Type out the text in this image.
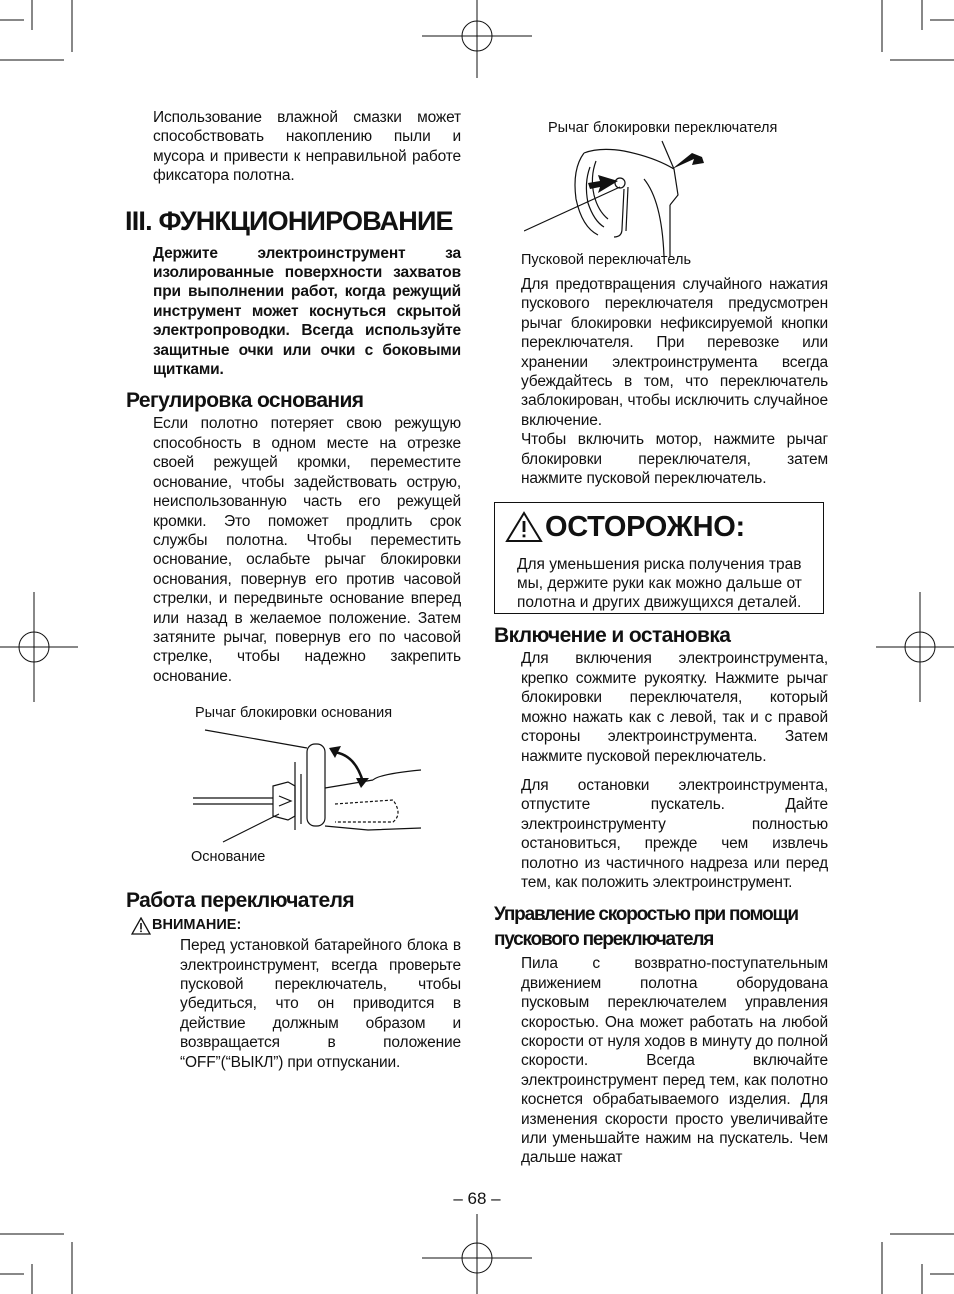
Использование влажной смазки может способствовать накоплению пыли и мусора и привести к неправильной работе фиксатора полотна.

III. ФУНКЦИОНИРОВАНИЕ

Держите электроинструмент за изолированные поверхности захватов при выполнении работ, когда режущий инструмент может коснуться скрытой электропроводки. Всегда используйте защитные очки или очки с боковыми щитками.

Регулировка основания

Если полотно потеряет свою режущую способность в одном месте на отрезке своей режущей кромки, переместите основание, чтобы задействовать острую, неиспользованную часть его режущей кромки. Это поможет продлить срок службы полотна. Чтобы переместить основание, ослабьте рычаг блокировки основания, повернув его против часовой стрелки, и передвиньте основание вперед или назад в желаемое положение. Затем затяните рычаг, повернув его по часовой стрелке, чтобы надежно закрепить основание.

Рычаг блокировки основания
Основание
Работа переключателя
ВНИМАНИЕ:

Перед установкой батарейного блока в электроинструмент, всегда проверьте пусковой переключатель, чтобы убедиться, что он приводится в действие должным образом и возвращается в положение “OFF”(“ВЫКЛ”) при отпускании.

Рычаг блокировки переключателя
Пусковой переключатель

Для предотвращения случайного нажатия пускового переключателя предусмотрен рычаг блокировки нефиксируемой кнопки переключателя. При перевозке или хранении электроинструмента всегда убеждайтесь в том, что переключатель заблокирован, чтобы исключить случайное включение.

Чтобы включить мотор, нажмите рычаг блокировки переключателя, затем нажмите пусковой переключатель.

ОСТОРОЖНО:
Для уменьшения риска получения трав мы, держите руки как можно дальше от полотна и других движущихся деталей.
Включение и остановка

Для включения электроинструмента, крепко сожмите рукоятку. Нажмите рычаг блокировки переключателя, который можно нажать как с левой, так и с правой стороны электроинструмента. Затем нажмите пусковой переключатель.

Для остановки электроинструмента, отпустите пускатель. Дайте электроинструменту полностью остановиться, прежде чем извлечь полотно из частичного надреза или перед тем, как положить электроинструмент.

Управление скоростью при помощи пускового переключателя

Пила с возвратно-поступательным движением полотна оборудована пусковым переключателем управления скоростью. Она может работать на любой скорости от нуля ходов в минуту до полной скорости. Всегда включайте электроинструмент перед тем, как полотно коснется обрабатываемого изделия. Для изменения скорости просто увеличивайте или уменьшайте нажим на пускатель. Чем дальше нажат

– 68 –
